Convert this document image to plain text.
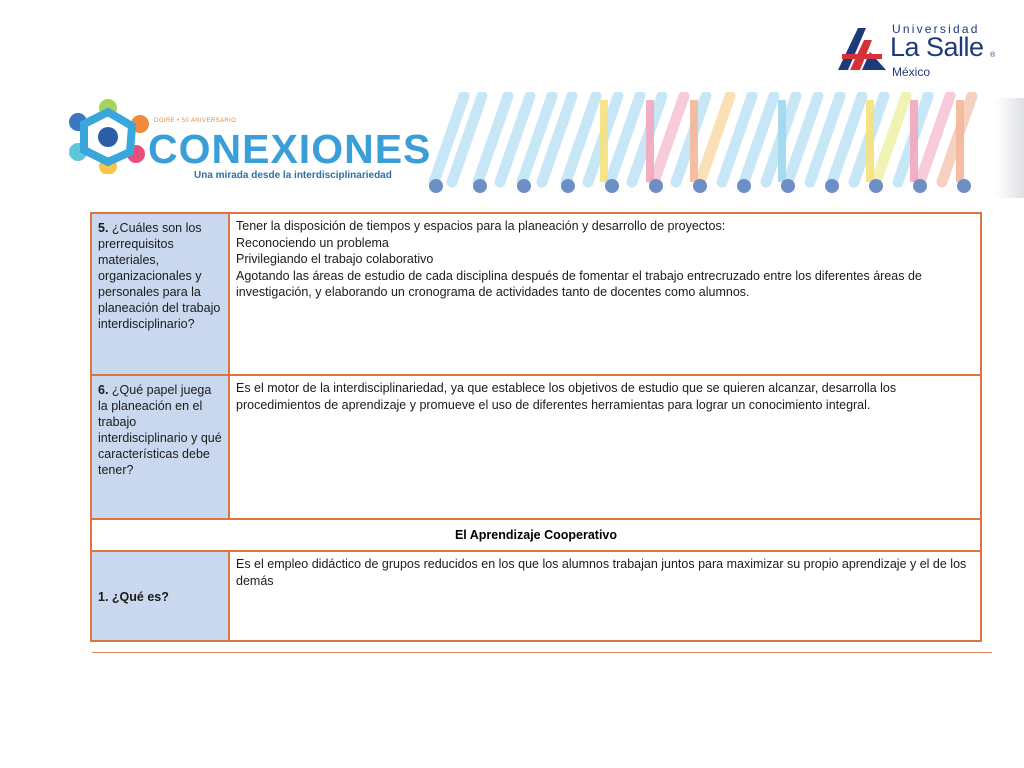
Universidad
La Salle ®
México
DGIRE • 50 ANIVERSARIO
CONEXIONES
Una mirada desde la interdisciplinariedad
5. ¿Cuáles son los prerrequisitos materiales, organizacionales y personales para la planeación del trabajo interdisciplinario?	Tener la disposición de tiempos y espacios para la planeación y desarrollo de proyectos:
Reconociendo un problema
Privilegiando el trabajo colaborativo
Agotando las áreas de estudio de cada disciplina después de fomentar el trabajo entrecruzado entre los diferentes áreas de investigación, y elaborando un cronograma de actividades tanto de docentes como alumnos.

6. ¿Qué papel juega la planeación en el trabajo interdisciplinario y qué características debe tener?	Es el motor de la interdisciplinariedad, ya que establece los objetivos de estudio que se quieren alcanzar, desarrolla los procedimientos de aprendizaje y promueve el uso de diferentes herramientas para lograr un conocimiento integral.
El Aprendizaje Cooperativo	
1. ¿Qué es?	Es el empleo didáctico de grupos reducidos en los que los alumnos trabajan juntos para maximizar su propio aprendizaje y el de los demás
